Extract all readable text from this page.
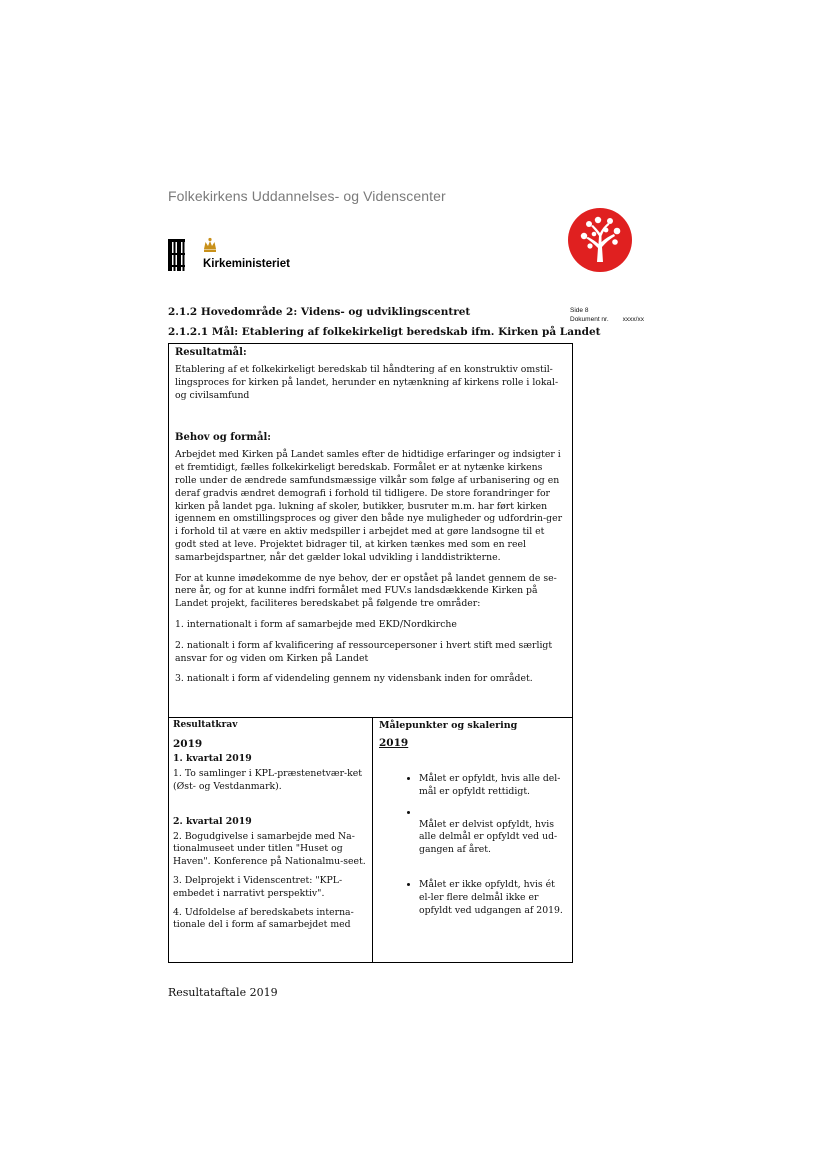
Folkekirkens Uddannelses- og Videnscenter
Kirkeministeriet
2.1.2 Hovedområde 2: Videns- og udviklingscentret
2.1.2.1 Mål: Etablering af folkekirkeligt beredskab ifm. Kirken på Landet
Side 8
Dokument nr. xxxx/xx
Resultatmål:

Etablering af et folkekirkeligt beredskab til håndtering af en konstruktiv omstil-lingsproces for kirken på landet, herunder en nytænkning af kirkens rolle i lokal- og civilsamfund

Behov og formål:

Arbejdet med Kirken på Landet samles efter de hidtidige erfaringer og indsigter i et fremtidigt, fælles folkekirkeligt beredskab. Formålet er at nytænke kirkens rolle under de ændrede samfundsmæssige vilkår som følge af urbanisering og en deraf gradvis ændret demografi i forhold til tidligere. De store forandringer for kirken på landet pga. lukning af skoler, butikker, busruter m.m. har ført kirken igennem en omstillingsproces og giver den både nye muligheder og udfordrin-ger i forhold til at være en aktiv medspiller i arbejdet med at gøre landsogne til et godt sted at leve. Projektet bidrager til, at kirken tænkes med som en reel samarbejdspartner, når det gælder lokal udvikling i landdistrikterne.

For at kunne imødekomme de nye behov, der er opstået på landet gennem de se-nere år, og for at kunne indfri formålet med FUV.s landsdækkende Kirken på Landet projekt, faciliteres beredskabet på følgende tre områder:

1. internationalt i form af samarbejde med EKD/Nordkirche

2. nationalt i form af kvalificering af ressourcepersoner i hvert stift med særligt ansvar for og viden om Kirken på Landet

3. nationalt i form af videndeling gennem ny vidensbank inden for området.

Resultatkrav
2019
1. kvartal 2019
1. To samlinger i KPL-præstenetvær-ket (Øst- og Vestdanmark).
2. kvartal 2019
2. Bogudgivelse i samarbejde med Na-tionalmuseet under titlen "Huset og Haven". Konference på Nationalmu-seet.
3. Delprojekt i Videnscentret: "KPL-embedet i narrativt perspektiv".
4. Udfoldelse af beredskabets interna-tionale del i form af samarbejdet med
Målepunkter og skalering
2019
• Målet er opfyldt, hvis alle del-mål er opfyldt rettidigt.
•
Målet er delvist opfyldt, hvis alle delmål er opfyldt ved ud-gangen af året.
• Målet er ikke opfyldt, hvis ét el-ler flere delmål ikke er opfyldt ved udgangen af 2019.
Resultataftale 2019
